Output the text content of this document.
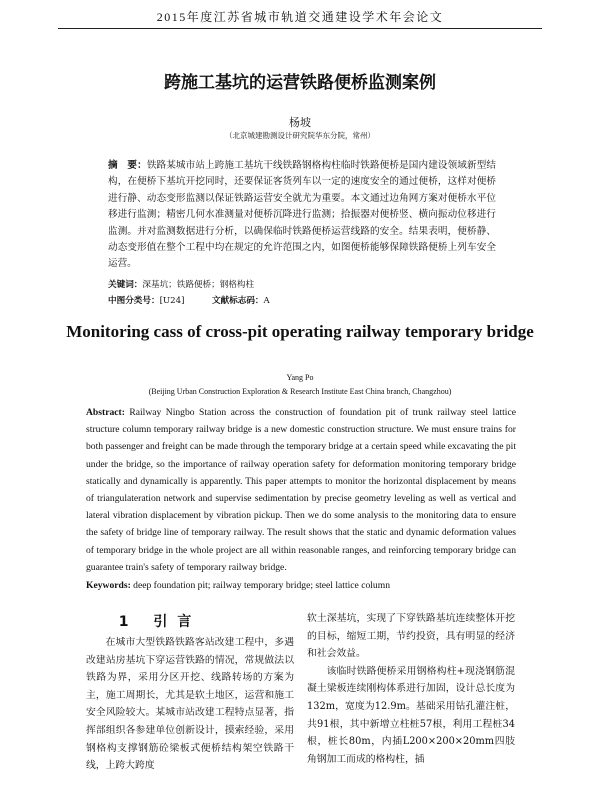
2015年度江苏省城市轨道交通建设学术年会论文
跨施工基坑的运营铁路便桥监测案例
杨坡
（北京城建勘测设计研究院华东分院，常州）
摘　要：铁路某城市站上跨施工基坑干线铁路钢格构柱临时铁路便桥是国内建设领域新型结构，在便桥下基坑开挖同时，还要保证客货列车以一定的速度安全的通过便桥，这样对便桥进行静、动态变形监测以保证铁路运营安全就尤为重要。本文通过边角网方案对便桥水平位移进行监测；精密几何水准测量对便桥沉降进行监测；拾振器对便桥竖、横向振动位移进行监测。并对监测数据进行分析，以确保临时铁路便桥运营线路的安全。结果表明，便桥静、动态变形值在整个工程中均在规定的允许范围之内，如图便桥能够保障铁路便桥上列车安全运营。
关键词：深基坑；铁路便桥；钢格构柱
中图分类号：[U24]	文献标志码：A
Monitoring cass of cross-pit operating railway temporary bridge
Yang Po
(Beijing Urban Construction Exploration & Research Institute East China branch, Changzhou)
Abstract: Railway Ningbo Station across the construction of foundation pit of trunk railway steel lattice structure column temporary railway bridge is a new domestic construction structure. We must ensure trains for both passenger and freight can be made through the temporary bridge at a certain speed while excavating the pit under the bridge, so the importance of railway operation safety for deformation monitoring temporary bridge statically and dynamically is apparently. This paper attempts to monitor the horizontal displacement by means of triangulateration network and supervise sedimentation by precise geometry leveling as well as vertical and lateral vibration displacement by vibration pickup. Then we do some analysis to the monitoring data to ensure the safety of bridge line of temporary railway. The result shows that the static and dynamic deformation values of temporary bridge in the whole project are all within reasonable ranges, and reinforcing temporary bridge can guarantee train's safety of temporary railway bridge.
Keywords: deep foundation pit; railway temporary bridge; steel lattice column
1 引言

在城市大型铁路铁路客站改建工程中，多遇改建站房基坑下穿运营铁路的情况，常规做法以铁路为界，采用分区开挖、线路转场的方案为主，施工周期长，尤其是软土地区，运营和施工安全风险较大。某城市站改建工程特点显著，指挥部组织各参建单位创新设计，摸索经验，采用钢格构支撑钢筋砼梁板式便桥结构架空铁路干线，上跨大跨度

软土深基坑，实现了下穿铁路基坑连续整体开挖的目标，缩短工期，节约投资，具有明显的经济和社会效益。

该临时铁路便桥采用钢格构柱+现浇钢筋混凝土梁板连续刚构体系进行加固，设计总长度为132m，宽度为12.9m。基础采用钻孔灌注桩，共91根，其中新增立柱桩57根，利用工程桩34根，桩长80m，内插L200×200×20mm四肢角钢加工而成的格构柱，插
